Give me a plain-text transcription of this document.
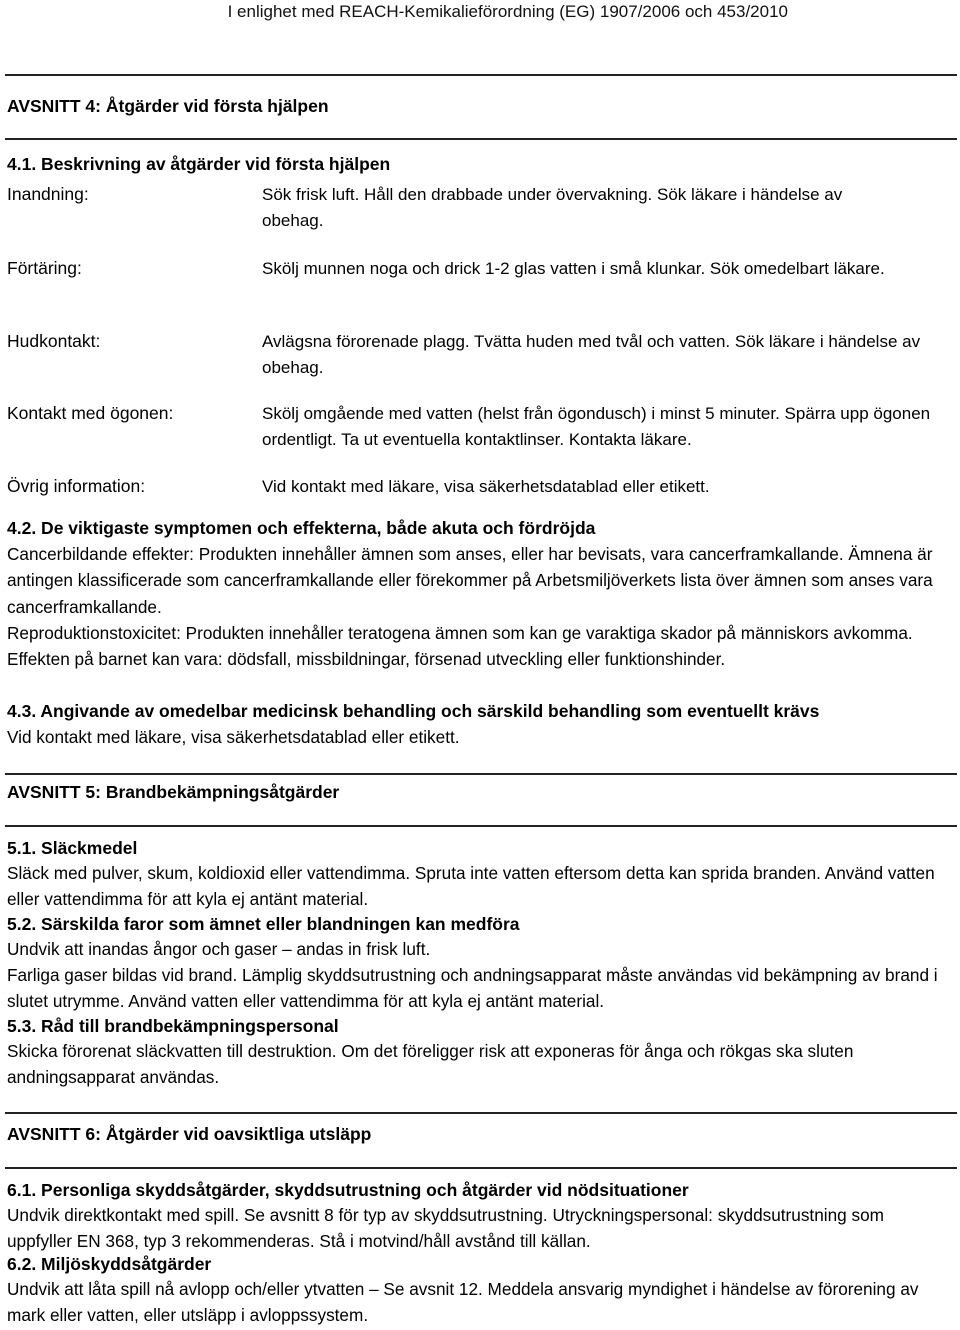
I enlighet med REACH-Kemikalieförordning (EG) 1907/2006 och 453/2010
AVSNITT 4: Åtgärder vid första hjälpen
4.1. Beskrivning av åtgärder vid första hjälpen
Inandning:	Sök frisk luft. Håll den drabbade under övervakning. Sök läkare i händelse av obehag.
Förtäring:	Skölj munnen noga och drick 1-2 glas vatten i små klunkar. Sök omedelbart läkare.
Hudkontakt:	Avlägsna förorenade plagg. Tvätta huden med tvål och vatten. Sök läkare i händelse av obehag.
Kontakt med ögonen:	Skölj omgående med vatten (helst från ögondusch) i minst 5 minuter. Spärra upp ögonen ordentligt. Ta ut eventuella kontaktlinser. Kontakta läkare.
Övrig information:	Vid kontakt med läkare, visa säkerhetsdatablad eller etikett.
4.2. De viktigaste symptomen och effekterna, både akuta och fördröjda
Cancerbildande effekter: Produkten innehåller ämnen som anses, eller har bevisats, vara cancerframkallande. Ämnena är antingen klassificerade som cancerframkallande eller förekommer på Arbetsmiljöverkets lista över ämnen som anses vara cancerframkallande.
Reproduktionstoxicitet: Produkten innehåller teratogena ämnen som kan ge varaktiga skador på människors avkomma. Effekten på barnet kan vara: dödsfall, missbildningar, försenad utveckling eller funktionshinder.
4.3. Angivande av omedelbar medicinsk behandling och särskild behandling som eventuellt krävs
Vid kontakt med läkare, visa säkerhetsdatablad eller etikett.
AVSNITT 5: Brandbekämpningsåtgärder
5.1. Släckmedel
Släck med pulver, skum, koldioxid eller vattendimma. Spruta inte vatten eftersom detta kan sprida branden. Använd vatten eller vattendimma för att kyla ej antänt material.
5.2. Särskilda faror som ämnet eller blandningen kan medföra
Undvik att inandas ångor och gaser – andas in frisk luft.
Farliga gaser bildas vid brand. Lämplig skyddsutrustning och andningsapparat måste användas vid bekämpning av brand i slutet utrymme. Använd vatten eller vattendimma för att kyla ej antänt material.
5.3. Råd till brandbekämpningspersonal
Skicka förorenat släckvatten till destruktion. Om det föreligger risk att exponeras för ånga och rökgas ska sluten andningsapparat användas.
AVSNITT 6: Åtgärder vid oavsiktliga utsläpp
6.1. Personliga skyddsåtgärder, skyddsutrustning och åtgärder vid nödsituationer
Undvik direktkontakt med spill. Se avsnitt 8 för typ av skyddsutrustning. Utryckningspersonal: skyddsutrustning som uppfyller EN 368, typ 3 rekommenderas. Stå i motvind/håll avstånd till källan.
6.2. Miljöskyddsåtgärder
Undvik att låta spill nå avlopp och/eller ytvatten – Se avsnit 12. Meddela ansvarig myndighet i händelse av förorening av mark eller vatten, eller utsläpp i avloppssystem.
